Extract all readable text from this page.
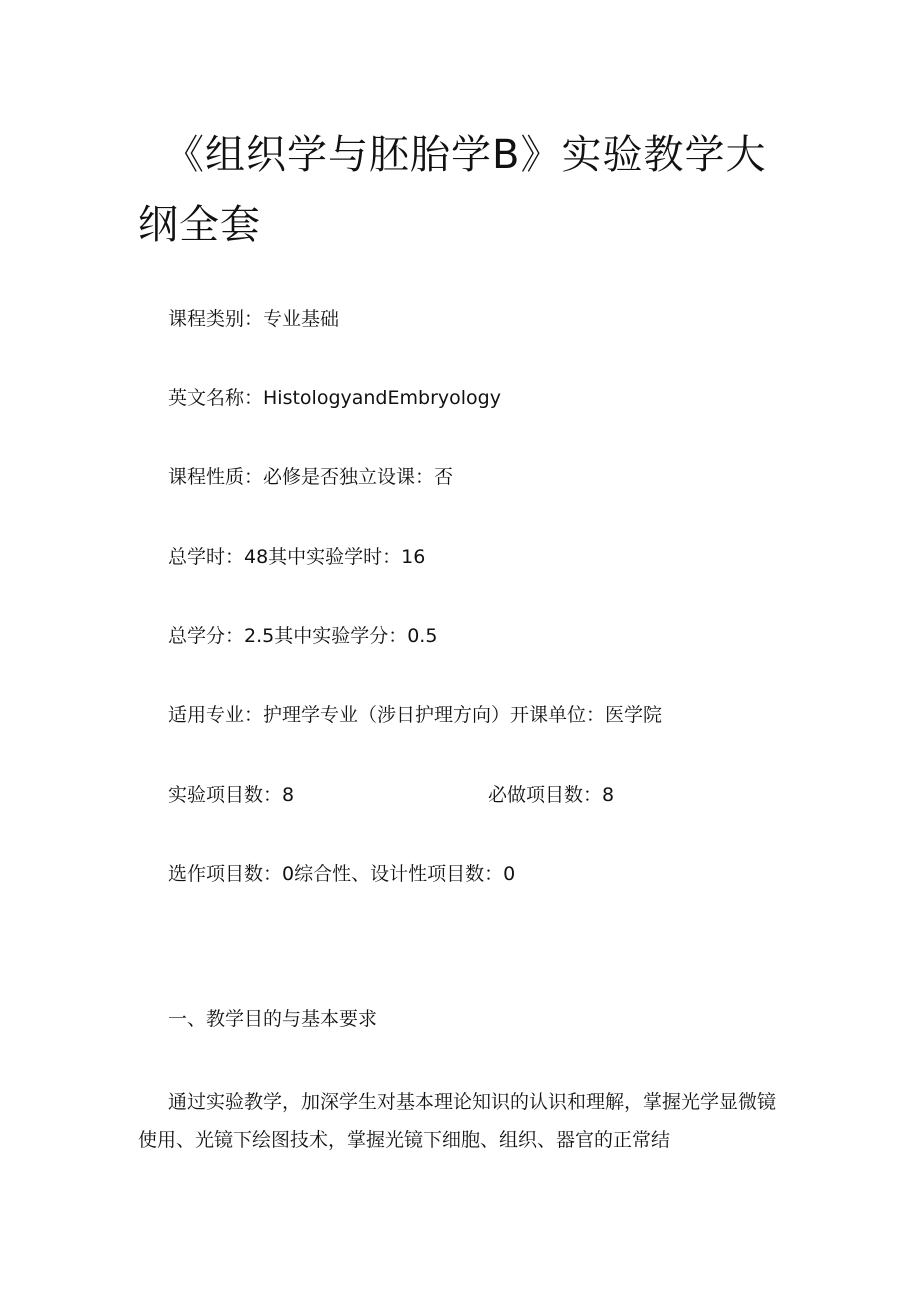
《组织学与胚胎学B》实验教学大纲全套
课程类别：专业基础
英文名称：HistologyandEmbryology
课程性质：必修是否独立设课：否
总学时：48其中实验学时：16
总学分：2.5其中实验学分：0.5
适用专业：护理学专业（涉日护理方向）开课单位：医学院
实验项目数：8	必做项目数：8
选作项目数：0综合性、设计性项目数：0
一、教学目的与基本要求

通过实验教学，加深学生对基本理论知识的认识和理解，掌握光学显微镜使用、光镜下绘图技术，掌握光镜下细胞、组织、器官的正常结
